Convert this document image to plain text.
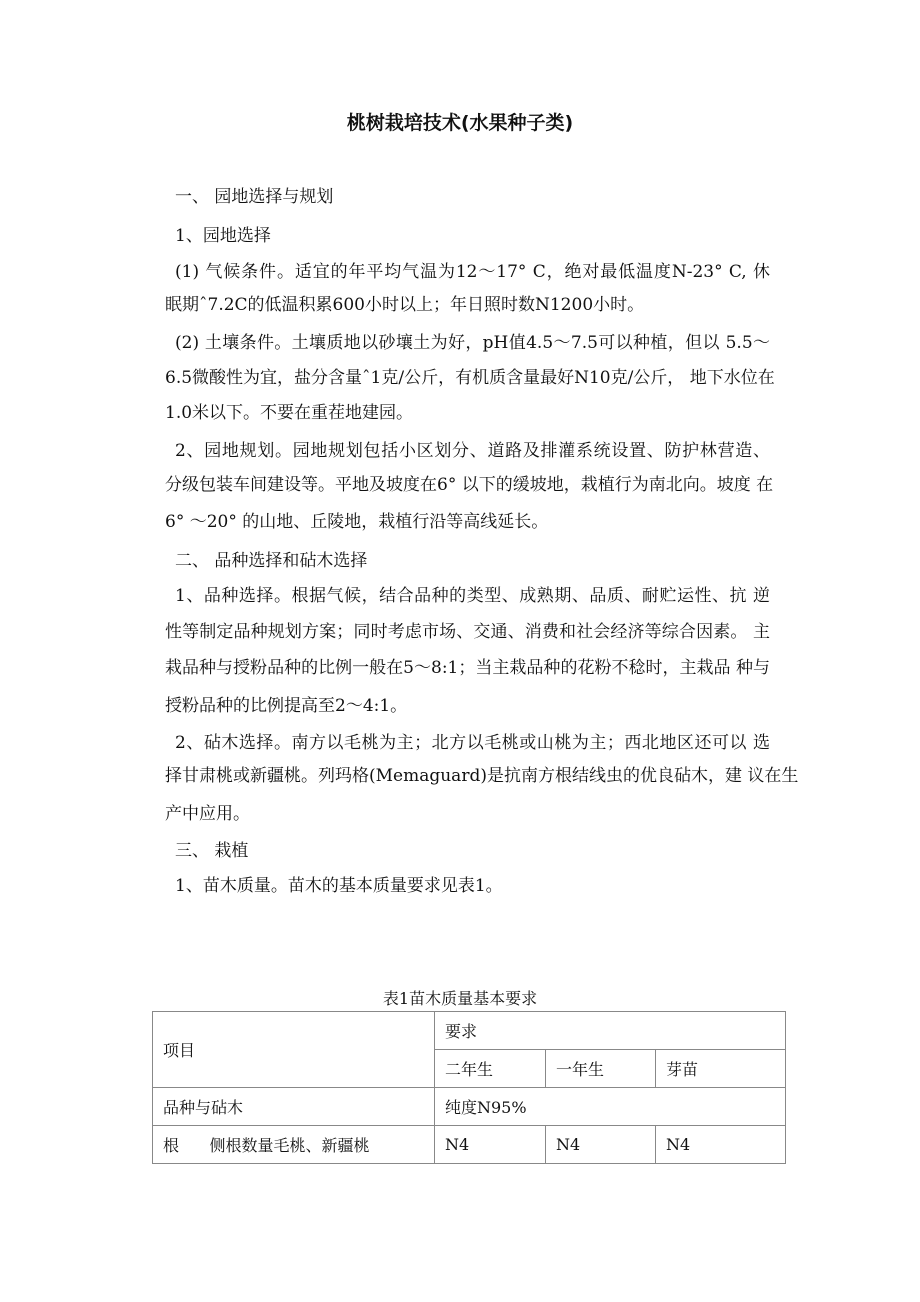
桃树栽培技术(水果种子类)
一、 园地选择与规划
1、园地选择
(1) 气候条件。适宜的年平均气温为12〜17° C，绝对最低温度N-23° C, 休
眠期ˆ7.2C的低温积累600小时以上；年日照时数N1200小时。
(2) 土壤条件。土壤质地以砂壤土为好，pH值4.5〜7.5可以种植，但以 5.5〜
6.5微酸性为宜，盐分含量ˆ1克/公斤，有机质含量最好N10克/公斤， 地下水位在
1.0米以下。不要在重茬地建园。
2、园地规划。园地规划包括小区划分、道路及排灌系统设置、防护林营造、
分级包装车间建设等。平地及坡度在6° 以下的缓坡地，栽植行为南北向。坡度 在
6° 〜20° 的山地、丘陵地，栽植行沿等高线延长。
二、 品种选择和砧木选择
1、品种选择。根据气候，结合品种的类型、成熟期、品质、耐贮运性、抗 逆
性等制定品种规划方案；同时考虑市场、交通、消费和社会经济等综合因素。 主
栽品种与授粉品种的比例一般在5〜8:1；当主栽品种的花粉不稔时，主栽品 种与
授粉品种的比例提高至2〜4:1。
2、砧木选择。南方以毛桃为主；北方以毛桃或山桃为主；西北地区还可以 选
择甘肃桃或新疆桃。列玛格(Memaguard)是抗南方根结线虫的优良砧木，建 议在生
产中应用。
三、 栽植
1、苗木质量。苗木的基本质量要求见表1。
表1苗木质量基本要求
项目	要求		
	二年生	一年生	芽苗
品种与砧木	纯度N95%		
根      侧根数量毛桃、新疆桃	N4	N4	N4
